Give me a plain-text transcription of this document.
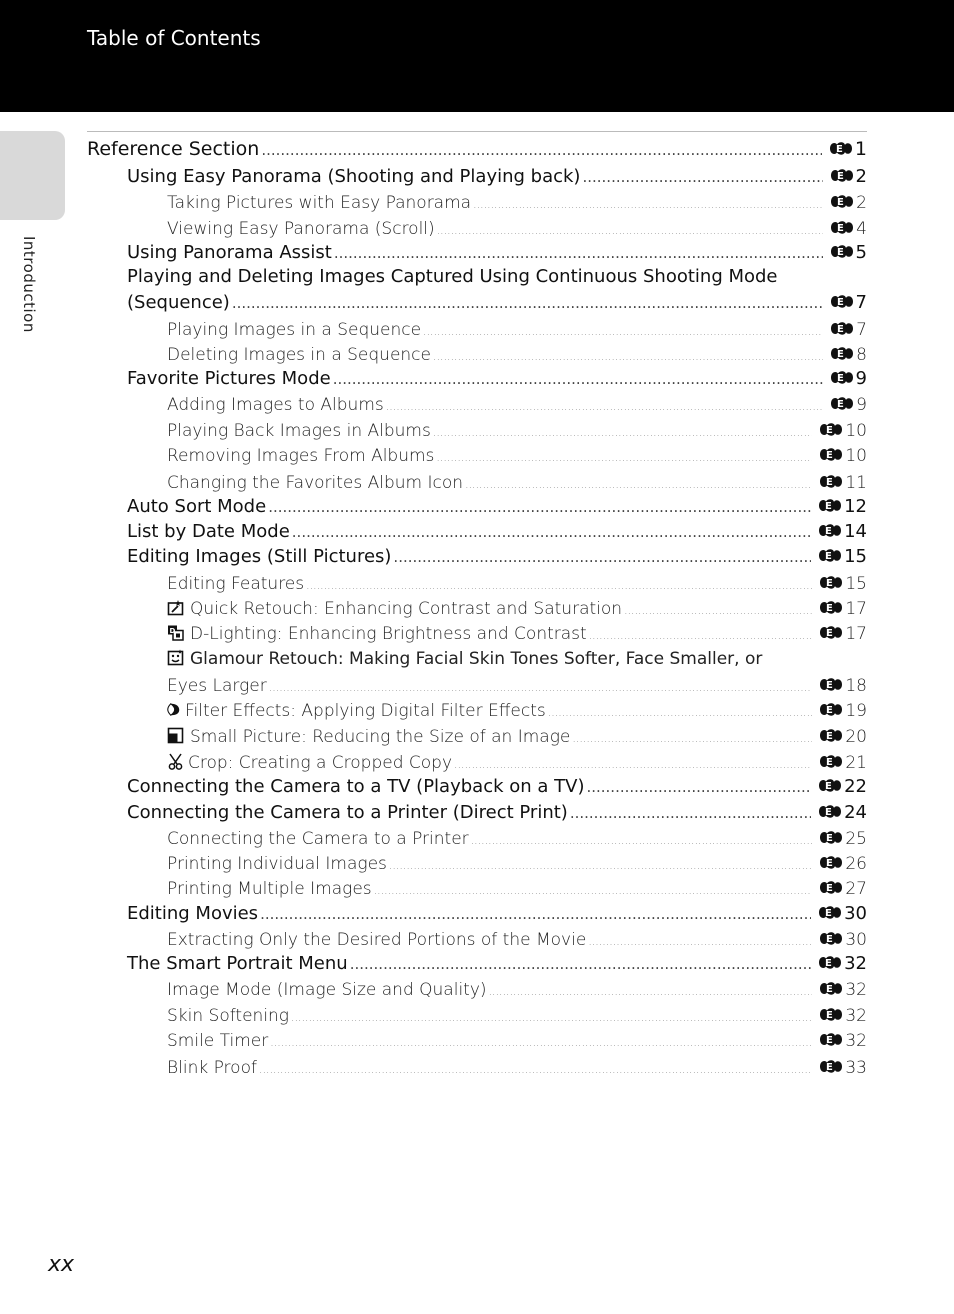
Table of Contents
Introduction
Reference Section .....	1
Using Easy Panorama (Shooting and Playing back) .....	2
Taking Pictures with Easy Panorama .....	2
Viewing Easy Panorama (Scroll) .....	4
Using Panorama Assist .....	5
Playing and Deleting Images Captured Using Continuous Shooting Mode
(Sequence) .....	7
Playing Images in a Sequence .....	7
Deleting Images in a Sequence .....	8
Favorite Pictures Mode .....	9
Adding Images to Albums .....	9
Playing Back Images in Albums .....	10
Removing Images From Albums .....	10
Changing the Favorites Album Icon .....	11
Auto Sort Mode .....	12
List by Date Mode .....	14
Editing Images (Still Pictures) .....	15
Editing Features .....	15
Quick Retouch: Enhancing Contrast and Saturation .....	17
D D-Lighting: Enhancing Brightness and Contrast .....	17
Glamour Retouch: Making Facial Skin Tones Softer, Face Smaller, or
Eyes Larger .....	18
Filter Effects: Applying Digital Filter Effects .....	19
Small Picture: Reducing the Size of an Image .....	20
Crop: Creating a Cropped Copy .....	21
Connecting the Camera to a TV (Playback on a TV) .....	22
Connecting the Camera to a Printer (Direct Print) .....	24
Connecting the Camera to a Printer .....	25
Printing Individual Images .....	26
Printing Multiple Images .....	27
Editing Movies .....	30
Extracting Only the Desired Portions of the Movie .....	30
The Smart Portrait Menu .....	32
Image Mode (Image Size and Quality) .....	32
Skin Softening .....	32
Smile Timer .....	32
Blink Proof .....	33
xx
